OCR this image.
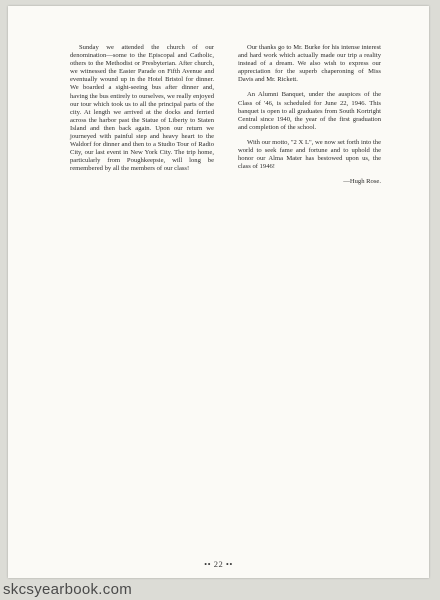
Sunday we attended the church of our denomination—some to the Episcopal and Catholic, others to the Methodist or Presbyterian. After church, we witnessed the Easter Parade on Fifth Avenue and eventually wound up in the Hotel Bristol for dinner. We boarded a sight-seeing bus after dinner and, having the bus entirely to ourselves, we really enjoyed our tour which took us to all the principal parts of the city. At length we arrived at the docks and ferried across the harbor past the Statue of Liberty to Staten Island and then back again. Upon our return we journeyed with painful step and heavy heart to the Waldorf for dinner and then to a Studio Tour of Radio City, our last event in New York City. The trip home, particularly from Poughkeepsie, will long be remembered by all the members of our class!

Our thanks go to Mr. Burke for his intense interest and hard work which actually made our trip a reality instead of a dream. We also wish to express our appreciation for the superb chaperoning of Miss Davis and Mr. Rickett.

An Alumni Banquet, under the auspices of the Class of '46, is scheduled for June 22, 1946. This banquet is open to all graduates from South Kortright Central since 1940, the year of the first graduation and completion of the school.

With our motto, "2 X L", we now set forth into the world to seek fame and fortune and to uphold the honor our Alma Mater has bestowed upon us, the class of 1946!

—Hugh Rose.
•• 22 ••
skcsyearbook.com
